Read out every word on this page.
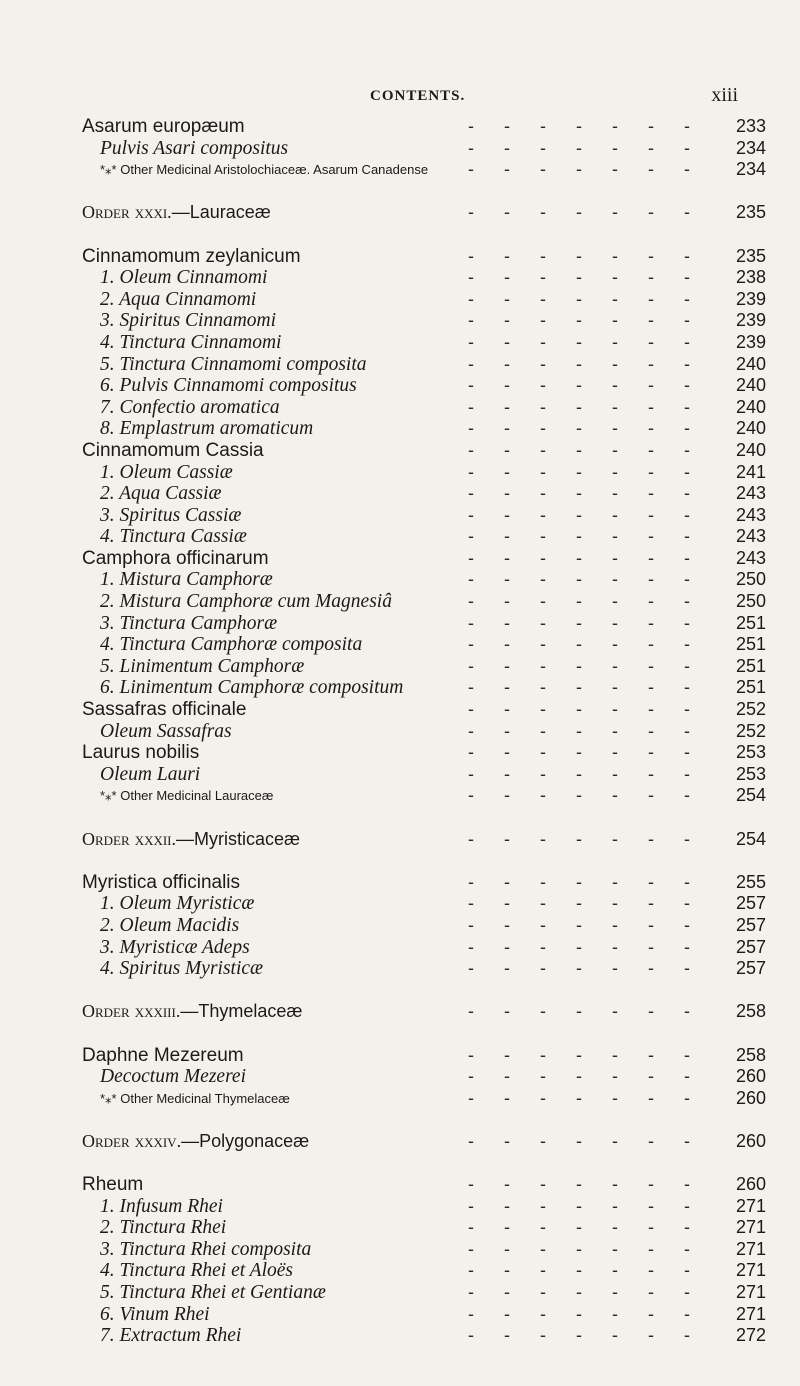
CONTENTS.	xiii
-      -      -      -      -      -      -
Asarum europæum	233
-      -      -      -      -      -      -
Pulvis Asari compositus	234
-      -      -      -      -      -      -
*⁎* Other Medicinal Aristolochiaceæ. Asarum Canadense	234
-      -      -      -      -      -      -
Order xxxi.—Lauraceæ	235
-      -      -      -      -      -      -
Cinnamomum zeylanicum	235
-      -      -      -      -      -      -
1. Oleum Cinnamomi	238
-      -      -      -      -      -      -
2. Aqua Cinnamomi	239
-      -      -      -      -      -      -
3. Spiritus Cinnamomi	239
-      -      -      -      -      -      -
4. Tinctura Cinnamomi	239
-      -      -      -      -      -      -
5. Tinctura Cinnamomi composita	240
-      -      -      -      -      -      -
6. Pulvis Cinnamomi compositus	240
-      -      -      -      -      -      -
7. Confectio aromatica	240
-      -      -      -      -      -      -
8. Emplastrum aromaticum	240
-      -      -      -      -      -      -
Cinnamomum Cassia	240
-      -      -      -      -      -      -
1. Oleum Cassiæ	241
-      -      -      -      -      -      -
2. Aqua Cassiæ	243
-      -      -      -      -      -      -
3. Spiritus Cassiæ	243
-      -      -      -      -      -      -
4. Tinctura Cassiæ	243
-      -      -      -      -      -      -
Camphora officinarum	243
-      -      -      -      -      -      -
1. Mistura Camphoræ	250
-      -      -      -      -      -      -
2. Mistura Camphoræ cum Magnesiâ	250
-      -      -      -      -      -      -
3. Tinctura Camphoræ	251
-      -      -      -      -      -      -
4. Tinctura Camphoræ composita	251
-      -      -      -      -      -      -
5. Linimentum Camphoræ	251
-      -      -      -      -      -      -
6. Linimentum Camphoræ compositum	251
-      -      -      -      -      -      -
Sassafras officinale	252
-      -      -      -      -      -      -
Oleum Sassafras	252
-      -      -      -      -      -      -
Laurus nobilis	253
-      -      -      -      -      -      -
Oleum Lauri	253
-      -      -      -      -      -      -
*⁎* Other Medicinal Lauraceæ	254
-      -      -      -      -      -      -
Order xxxii.—Myristicaceæ	254
-      -      -      -      -      -      -
Myristica officinalis	255
-      -      -      -      -      -      -
1. Oleum Myristicæ	257
-      -      -      -      -      -      -
2. Oleum Macidis	257
-      -      -      -      -      -      -
3. Myristicæ Adeps	257
-      -      -      -      -      -      -
4. Spiritus Myristicæ	257
-      -      -      -      -      -      -
Order xxxiii.—Thymelaceæ	258
-      -      -      -      -      -      -
Daphne Mezereum	258
-      -      -      -      -      -      -
Decoctum Mezerei	260
-      -      -      -      -      -      -
*⁎* Other Medicinal Thymelaceæ	260
-      -      -      -      -      -      -
Order xxxiv.—Polygonaceæ	260
-      -      -      -      -      -      -
Rheum	260
-      -      -      -      -      -      -
1. Infusum Rhei	271
-      -      -      -      -      -      -
2. Tinctura Rhei	271
-      -      -      -      -      -      -
3. Tinctura Rhei composita	271
-      -      -      -      -      -      -
4. Tinctura Rhei et Aloës	271
-      -      -      -      -      -      -
5. Tinctura Rhei et Gentianæ	271
-      -      -      -      -      -      -
6. Vinum Rhei	271
-      -      -      -      -      -      -
7. Extractum Rhei	272
